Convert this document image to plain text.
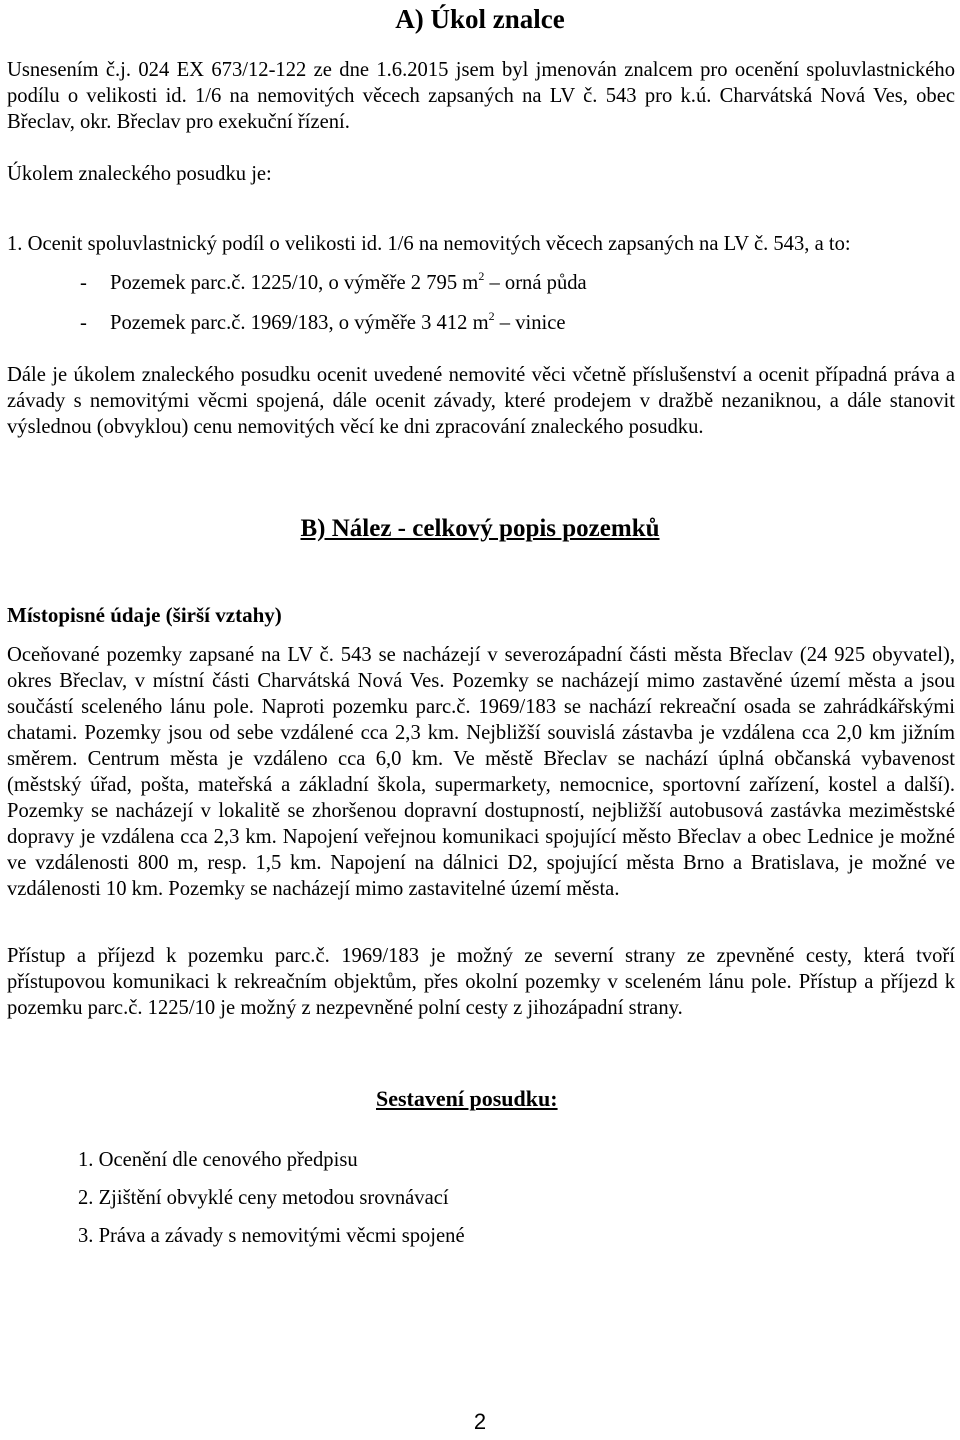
A) Úkol znalce

Usnesením č.j. 024 EX 673/12-122 ze dne 1.6.2015 jsem byl jmenován znalcem pro ocenění spoluvlastnického podílu o velikosti id. 1/6 na nemovitých věcech zapsaných na LV č. 543 pro k.ú. Charvátská Nová Ves, obec Břeclav, okr. Břeclav pro exekuční řízení.

Úkolem znaleckého posudku je:

1. Ocenit spoluvlastnický podíl o velikosti id. 1/6 na nemovitých věcech zapsaných na LV č. 543, a to:

- Pozemek parc.č. 1225/10, o výměře 2 795 $m^2$ – orná půda

- Pozemek parc.č. 1969/183, o výměře 3 412 $m^2$ – vinice

Dále je úkolem znaleckého posudku ocenit uvedené nemovité věci včetně příslušenství a ocenit případná práva a závady s nemovitými věcmi spojená, dále ocenit závady, které prodejem v dražbě nezaniknou, a dále stanovit výslednou (obvyklou) cenu nemovitých věcí ke dni zpracování znaleckého posudku.

B) Nález - celkový popis pozemků
Místopisné údaje (širší vztahy)

Oceňované pozemky zapsané na LV č. 543 se nacházejí v severozápadní části města Břeclav (24 925 obyvatel), okres Břeclav, v místní části Charvátská Nová Ves. Pozemky se nacházejí mimo zastavěné území města a jsou součástí sceleného lánu pole. Naproti pozemku parc.č. 1969/183 se nachází rekreační osada se zahrádkářskými chatami. Pozemky jsou od sebe vzdálené cca 2,3 km. Nejbližší souvislá zástavba je vzdálena cca 2,0 km jižním směrem. Centrum města je vzdáleno cca 6,0 km. Ve městě Břeclav se nachází úplná občanská vybavenost (městský úřad, pošta, mateřská a základní škola, supermarkety, nemocnice, sportovní zařízení, kostel a další). Pozemky se nacházejí v lokalitě se zhoršenou dopravní dostupností, nejbližší autobusová zastávka meziměstské dopravy je vzdálena cca 2,3 km. Napojení veřejnou komunikaci spojující město Břeclav a obec Lednice je možné ve vzdálenosti 800 m, resp. 1,5 km. Napojení na dálnici D2, spojující města Brno a Bratislava, je možné ve vzdálenosti 10 km. Pozemky se nacházejí mimo zastavitelné území města.

Přístup a příjezd k pozemku parc.č. 1969/183 je možný ze severní strany ze zpevněné cesty, která tvoří přístupovou komunikaci k rekreačním objektům, přes okolní pozemky v sceleném lánu pole. Přístup a příjezd k pozemku parc.č. 1225/10 je možný z nezpevněné polní cesty z jihozápadní strany.

Sestavení posudku:

1. Ocenění dle cenového předpisu

2. Zjištění obvyklé ceny metodou srovnávací

3. Práva a závady s nemovitými věcmi spojené

2
